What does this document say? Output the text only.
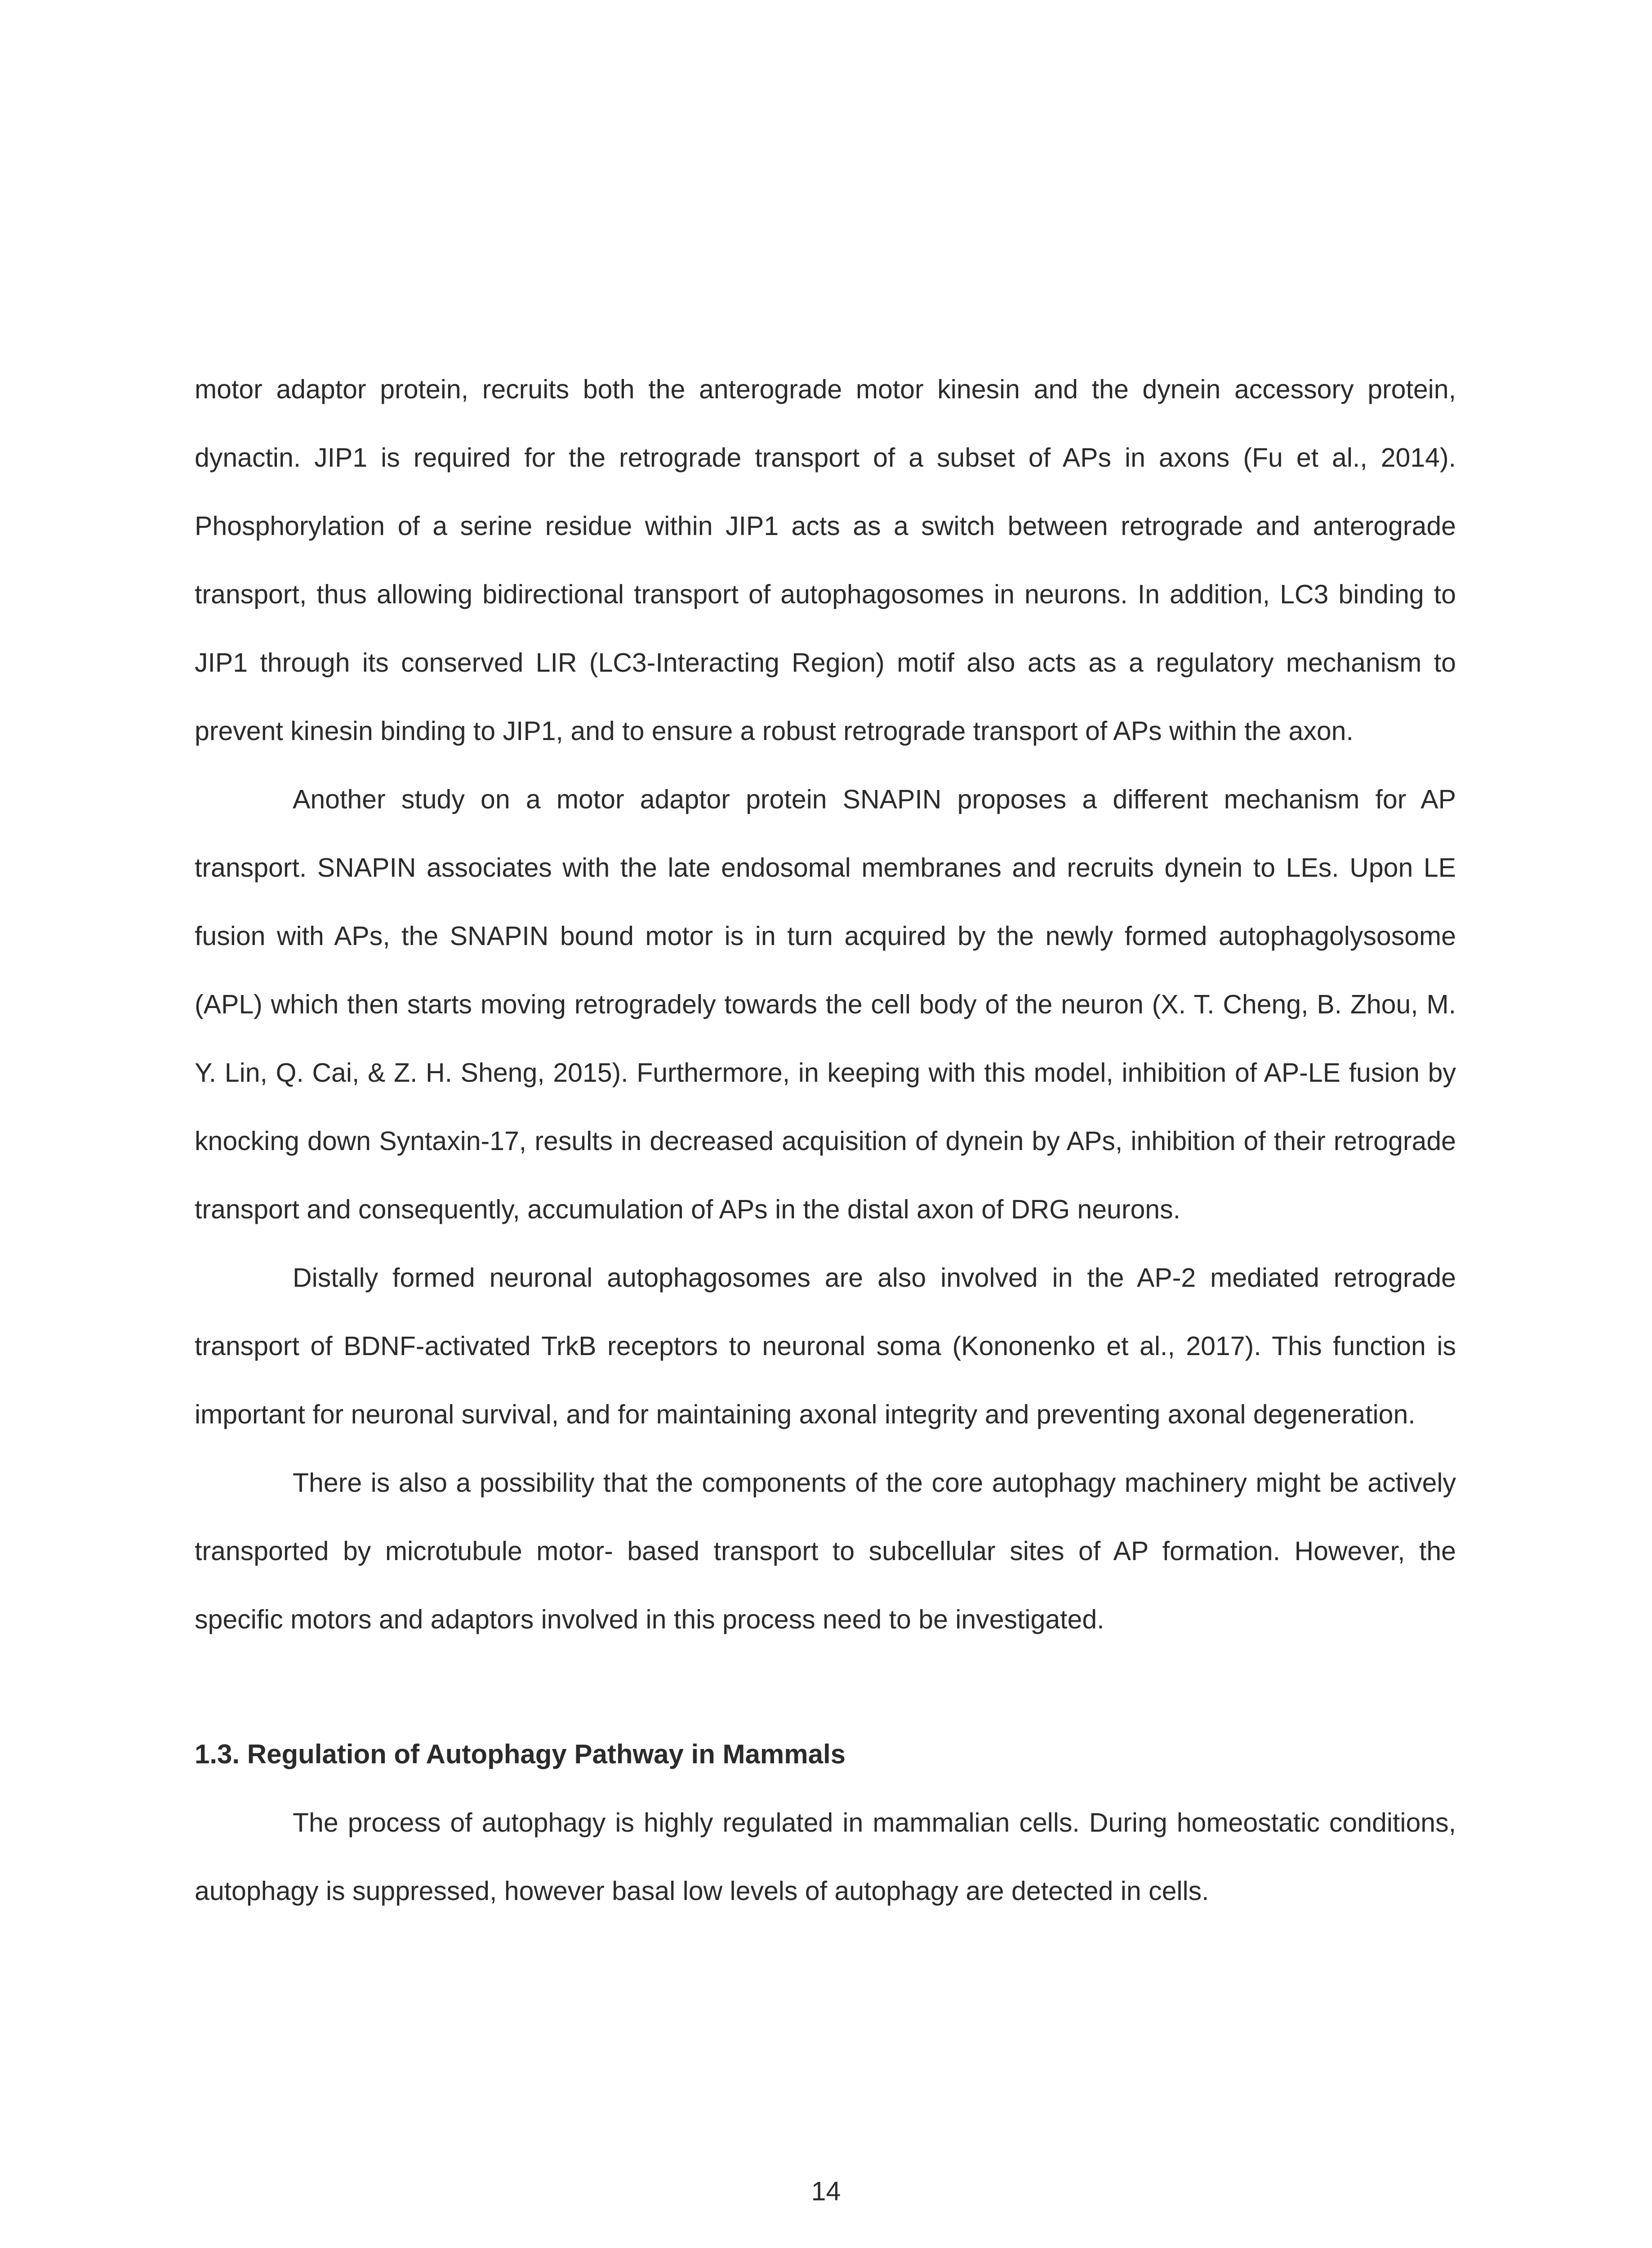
motor adaptor protein, recruits both the anterograde motor kinesin and the dynein accessory protein, dynactin. JIP1 is required for the retrograde transport of a subset of APs in axons (Fu et al., 2014). Phosphorylation of a serine residue within JIP1 acts as a switch between retrograde and anterograde transport, thus allowing bidirectional transport of autophagosomes in neurons. In addition, LC3 binding to JIP1 through its conserved LIR (LC3-Interacting Region) motif also acts as a regulatory mechanism to prevent kinesin binding to JIP1, and to ensure a robust retrograde transport of APs within the axon.

Another study on a motor adaptor protein SNAPIN proposes a different mechanism for AP transport. SNAPIN associates with the late endosomal membranes and recruits dynein to LEs. Upon LE fusion with APs, the SNAPIN bound motor is in turn acquired by the newly formed autophagolysosome (APL) which then starts moving retrogradely towards the cell body of the neuron (X. T. Cheng, B. Zhou, M. Y. Lin, Q. Cai, & Z. H. Sheng, 2015). Furthermore, in keeping with this model, inhibition of AP-LE fusion by knocking down Syntaxin-17, results in decreased acquisition of dynein by APs, inhibition of their retrograde transport and consequently, accumulation of APs in the distal axon of DRG neurons.

Distally formed neuronal autophagosomes are also involved in the AP-2 mediated retrograde transport of BDNF-activated TrkB receptors to neuronal soma (Kononenko et al., 2017). This function is important for neuronal survival, and for maintaining axonal integrity and preventing axonal degeneration.

There is also a possibility that the components of the core autophagy machinery might be actively transported by microtubule motor- based transport to subcellular sites of AP formation. However, the specific motors and adaptors involved in this process need to be investigated.

1.3. Regulation of Autophagy Pathway in Mammals

The process of autophagy is highly regulated in mammalian cells. During homeostatic conditions, autophagy is suppressed, however basal low levels of autophagy are detected in cells.

14
